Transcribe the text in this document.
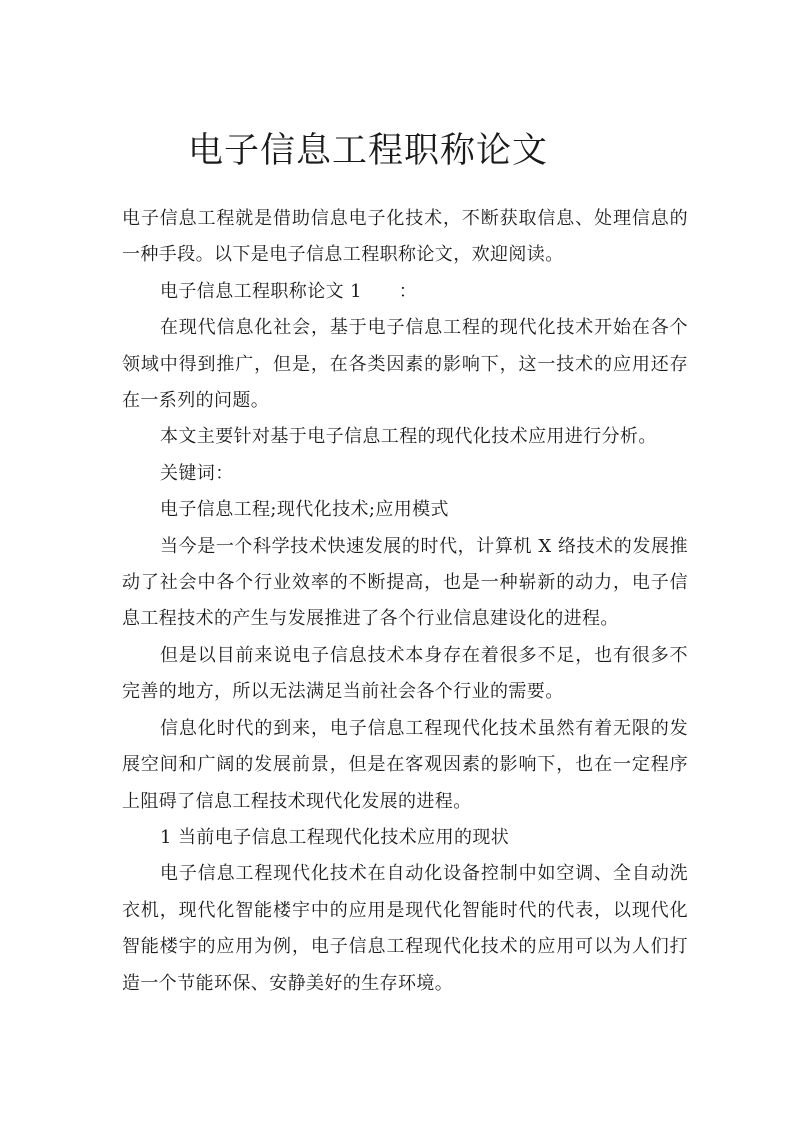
电子信息工程职称论文

电子信息工程就是借助信息电子化技术，不断获取信息、处理信息的一种手段。以下是电子信息工程职称论文，欢迎阅读。

电子信息工程职称论文 1　　：

在现代信息化社会，基于电子信息工程的现代化技术开始在各个领域中得到推广，但是，在各类因素的影响下，这一技术的应用还存在一系列的问题。

本文主要针对基于电子信息工程的现代化技术应用进行分析。

关键词：

电子信息工程;现代化技术;应用模式

当今是一个科学技术快速发展的时代，计算机 X 络技术的发展推动了社会中各个行业效率的不断提高，也是一种崭新的动力，电子信息工程技术的产生与发展推进了各个行业信息建设化的进程。

但是以目前来说电子信息技术本身存在着很多不足，也有很多不完善的地方，所以无法满足当前社会各个行业的需要。

信息化时代的到来，电子信息工程现代化技术虽然有着无限的发展空间和广阔的发展前景，但是在客观因素的影响下，也在一定程序上阻碍了信息工程技术现代化发展的进程。

1 当前电子信息工程现代化技术应用的现状

电子信息工程现代化技术在自动化设备控制中如空调、全自动洗衣机，现代化智能楼宇中的应用是现代化智能时代的代表，以现代化智能楼宇的应用为例，电子信息工程现代化技术的应用可以为人们打造一个节能环保、安静美好的生存环境。
